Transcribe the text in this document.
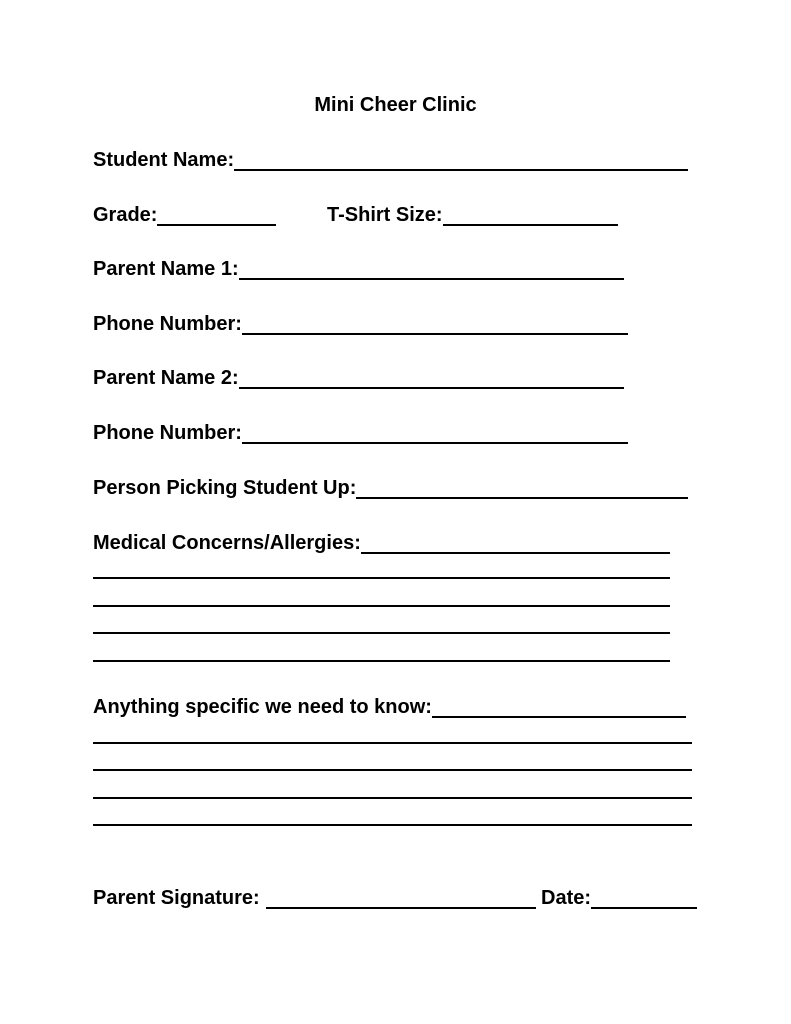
Mini Cheer Clinic
Student Name:
Grade:	T-Shirt Size:
Parent Name 1:
Phone Number:
Parent Name 2:
Phone Number:
Person Picking Student Up:
Medical Concerns/Allergies:
Anything specific we need to know:
Parent Signature:	Date:
